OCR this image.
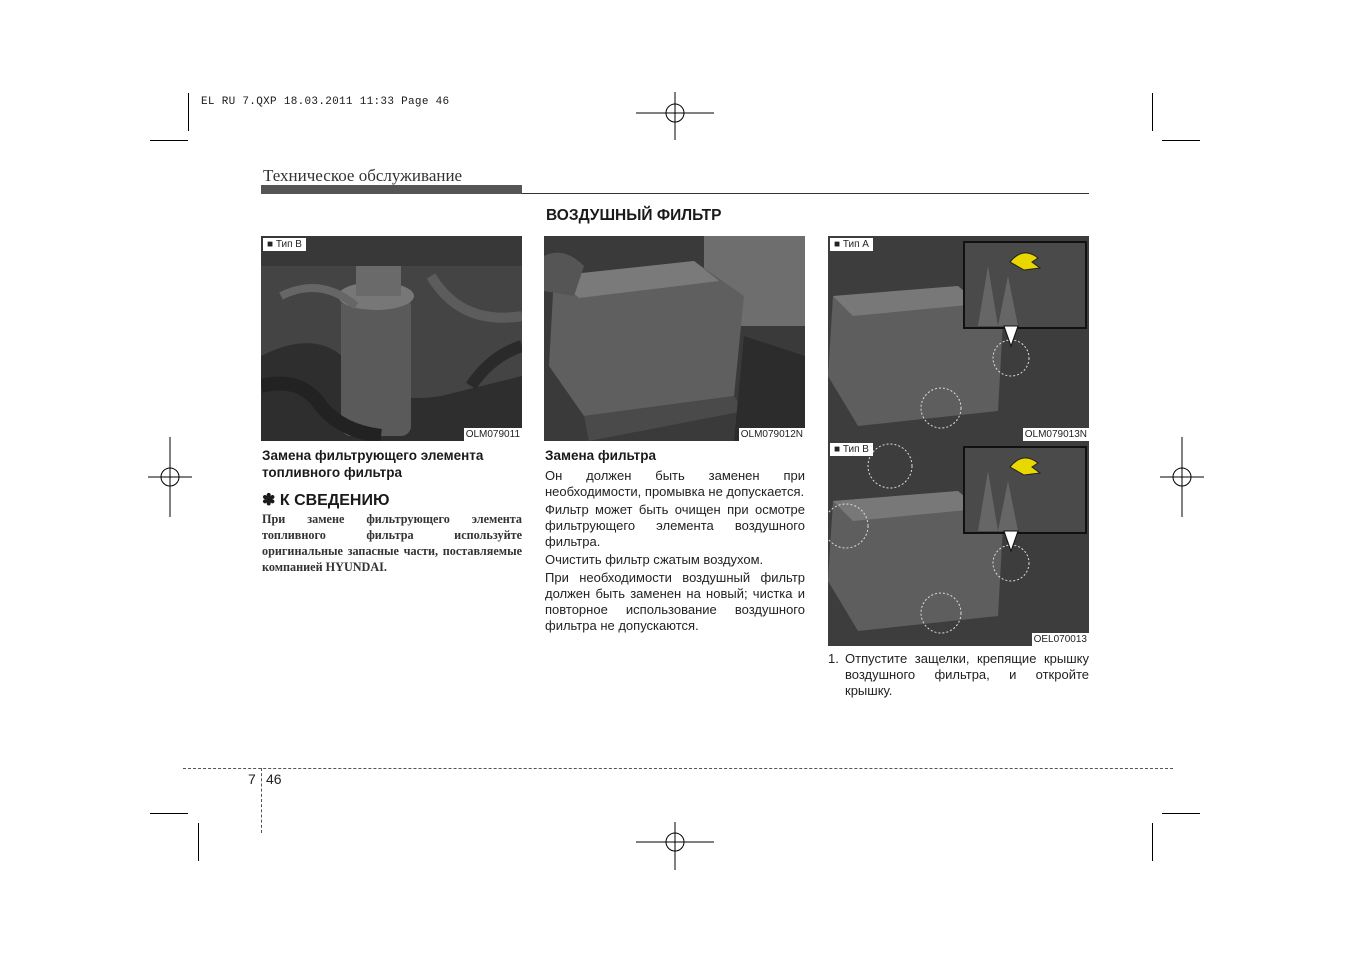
EL RU 7.QXP 18.03.2011 11:33 Page 46
Техническое обслуживание
ВОЗДУШНЫЙ ФИЛЬТР
■ Тип B
OLM079011
Замена фильтрующего элемента топливного фильтра
✽ К СВЕДЕНИЮ
При замене фильтрующего элемента топливного фильтра используйте оригинальные запасные части, поставляемые компанией HYUNDAI.
OLM079012N
Замена фильтра

Он должен быть заменен при необходимости, промывка не допускается.

Фильтр может быть очищен при осмотре фильтрующего элемента воздушного фильтра.

Очистить фильтр сжатым воздухом.

При необходимости воздушный фильтр должен быть заменен на новый; чистка и повторное использование воздушного фильтра не допускаются.

■ Тип A
OLM079013N
■ Тип B
OEL070013
1. Отпустите защелки, крепящие крышку воздушного фильтра, и откройте крышку.
7 46
